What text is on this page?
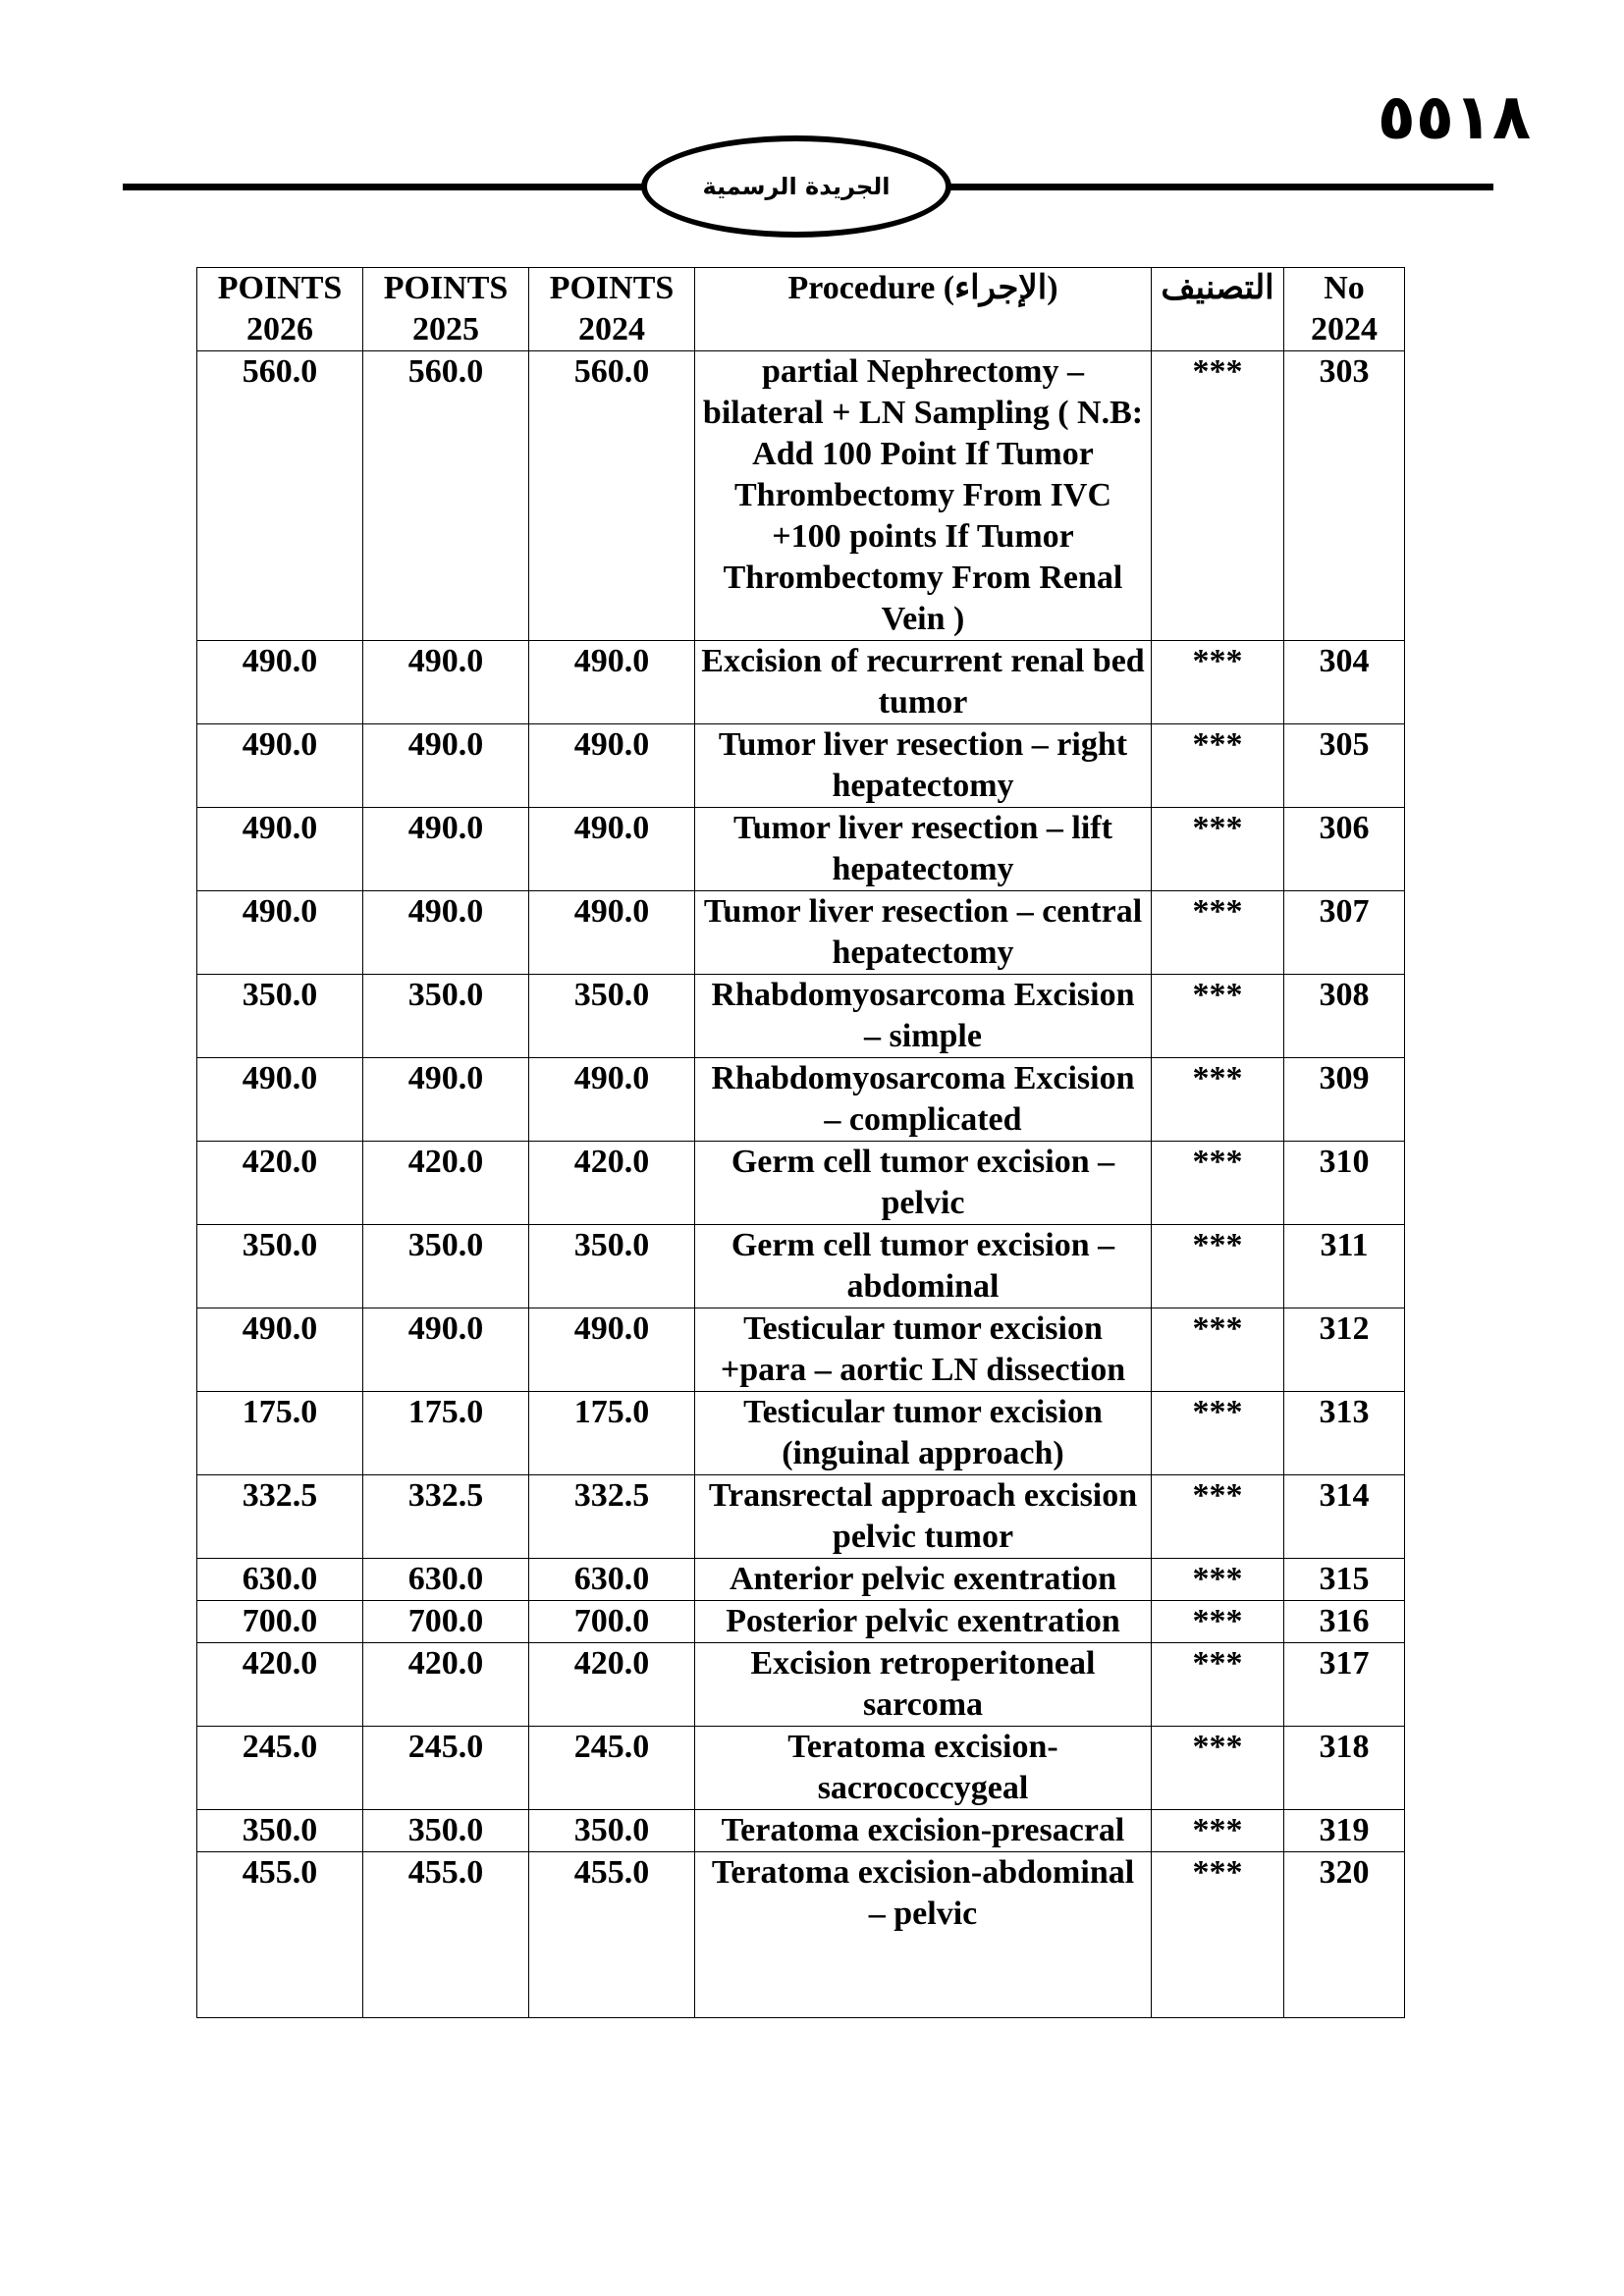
٥٥١٨
الجريدة الرسمية
POINTS 2026	POINTS 2025	POINTS 2024	Procedure (الإجراء)	التصنيف	No 2024
560.0	560.0	560.0	partial Nephrectomy – bilateral + LN Sampling ( N.B: Add 100 Point If Tumor Thrombectomy From IVC +100 points If Tumor Thrombectomy From Renal Vein )	***	303
490.0	490.0	490.0	Excision of recurrent renal bed tumor	***	304
490.0	490.0	490.0	Tumor liver resection – right hepatectomy	***	305
490.0	490.0	490.0	Tumor liver resection – lift hepatectomy	***	306
490.0	490.0	490.0	Tumor liver resection – central hepatectomy	***	307
350.0	350.0	350.0	Rhabdomyosarcoma Excision – simple	***	308
490.0	490.0	490.0	Rhabdomyosarcoma Excision – complicated	***	309
420.0	420.0	420.0	Germ cell tumor excision – pelvic	***	310
350.0	350.0	350.0	Germ cell tumor excision – abdominal	***	311
490.0	490.0	490.0	Testicular tumor excision +para – aortic LN dissection	***	312
175.0	175.0	175.0	Testicular tumor excision (inguinal approach)	***	313
332.5	332.5	332.5	Transrectal approach excision pelvic tumor	***	314
630.0	630.0	630.0	Anterior pelvic exentration	***	315
700.0	700.0	700.0	Posterior pelvic exentration	***	316
420.0	420.0	420.0	Excision retroperitoneal sarcoma	***	317
245.0	245.0	245.0	Teratoma excision-sacrococcygeal	***	318
350.0	350.0	350.0	Teratoma excision-presacral	***	319
455.0	455.0	455.0	Teratoma excision-abdominal – pelvic	***	320
